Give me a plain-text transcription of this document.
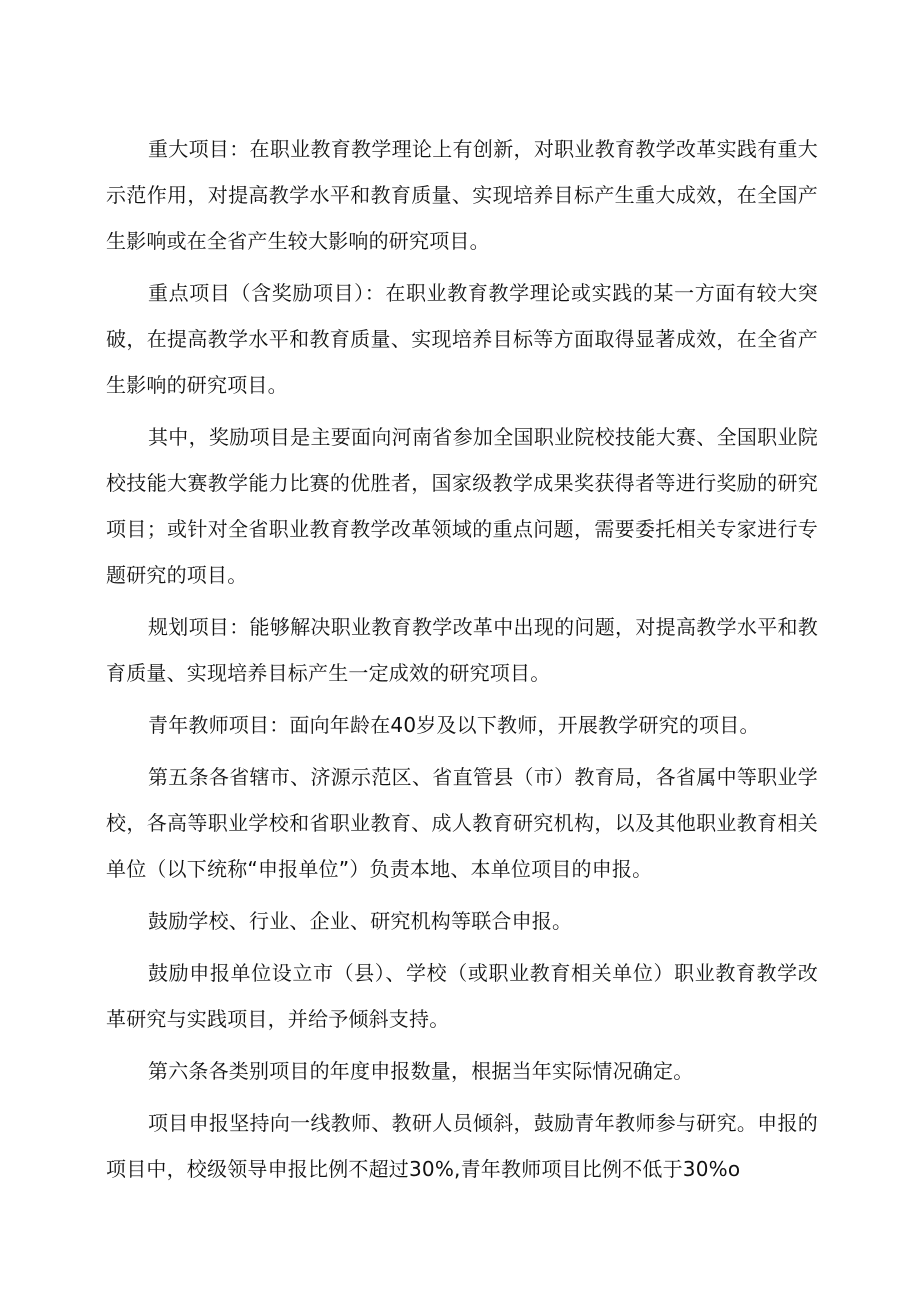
重大项目：在职业教育教学理论上有创新，对职业教育教学改革实践有重大示范作用，对提高教学水平和教育质量、实现培养目标产生重大成效，在全国产生影响或在全省产生较大影响的研究项目。

重点项目（含奖励项目）：在职业教育教学理论或实践的某一方面有较大突破，在提高教学水平和教育质量、实现培养目标等方面取得显著成效，在全省产生影响的研究项目。

其中，奖励项目是主要面向河南省参加全国职业院校技能大赛、全国职业院校技能大赛教学能力比赛的优胜者，国家级教学成果奖获得者等进行奖励的研究项目；或针对全省职业教育教学改革领域的重点问题，需要委托相关专家进行专题研究的项目。

规划项目：能够解决职业教育教学改革中出现的问题，对提高教学水平和教育质量、实现培养目标产生一定成效的研究项目。

青年教师项目：面向年龄在40岁及以下教师，开展教学研究的项目。

第五条各省辖市、济源示范区、省直管县（市）教育局，各省属中等职业学校，各高等职业学校和省职业教育、成人教育研究机构，以及其他职业教育相关单位（以下统称“申报单位”）负责本地、本单位项目的申报。

鼓励学校、行业、企业、研究机构等联合申报。

鼓励申报单位设立市（县）、学校（或职业教育相关单位）职业教育教学改革研究与实践项目，并给予倾斜支持。

第六条各类别项目的年度申报数量，根据当年实际情况确定。

项目申报坚持向一线教师、教研人员倾斜，鼓励青年教师参与研究。申报的项目中，校级领导申报比例不超过30%,青年教师项目比例不低于30%o
